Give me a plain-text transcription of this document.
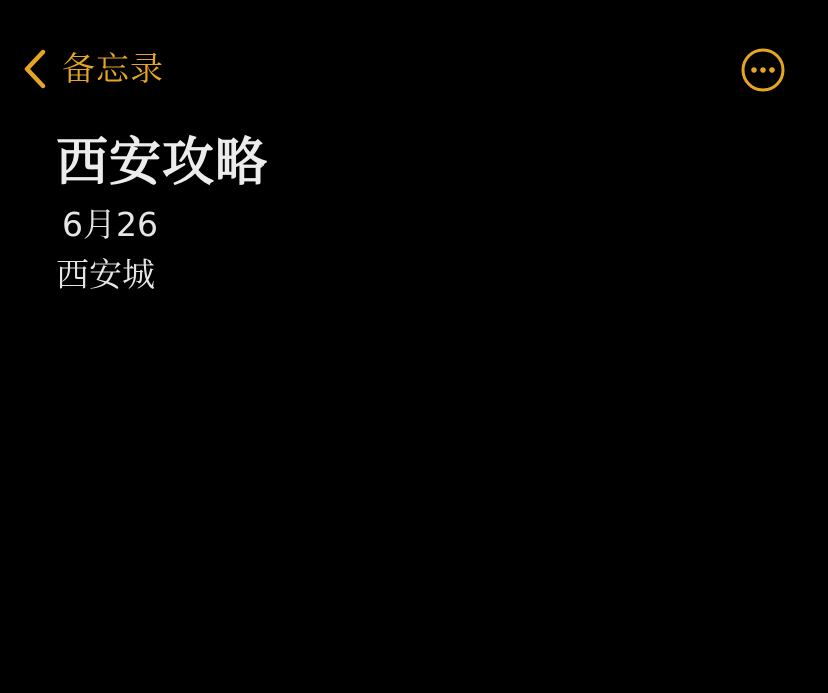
备忘录
西安攻略
6月26
西安城
